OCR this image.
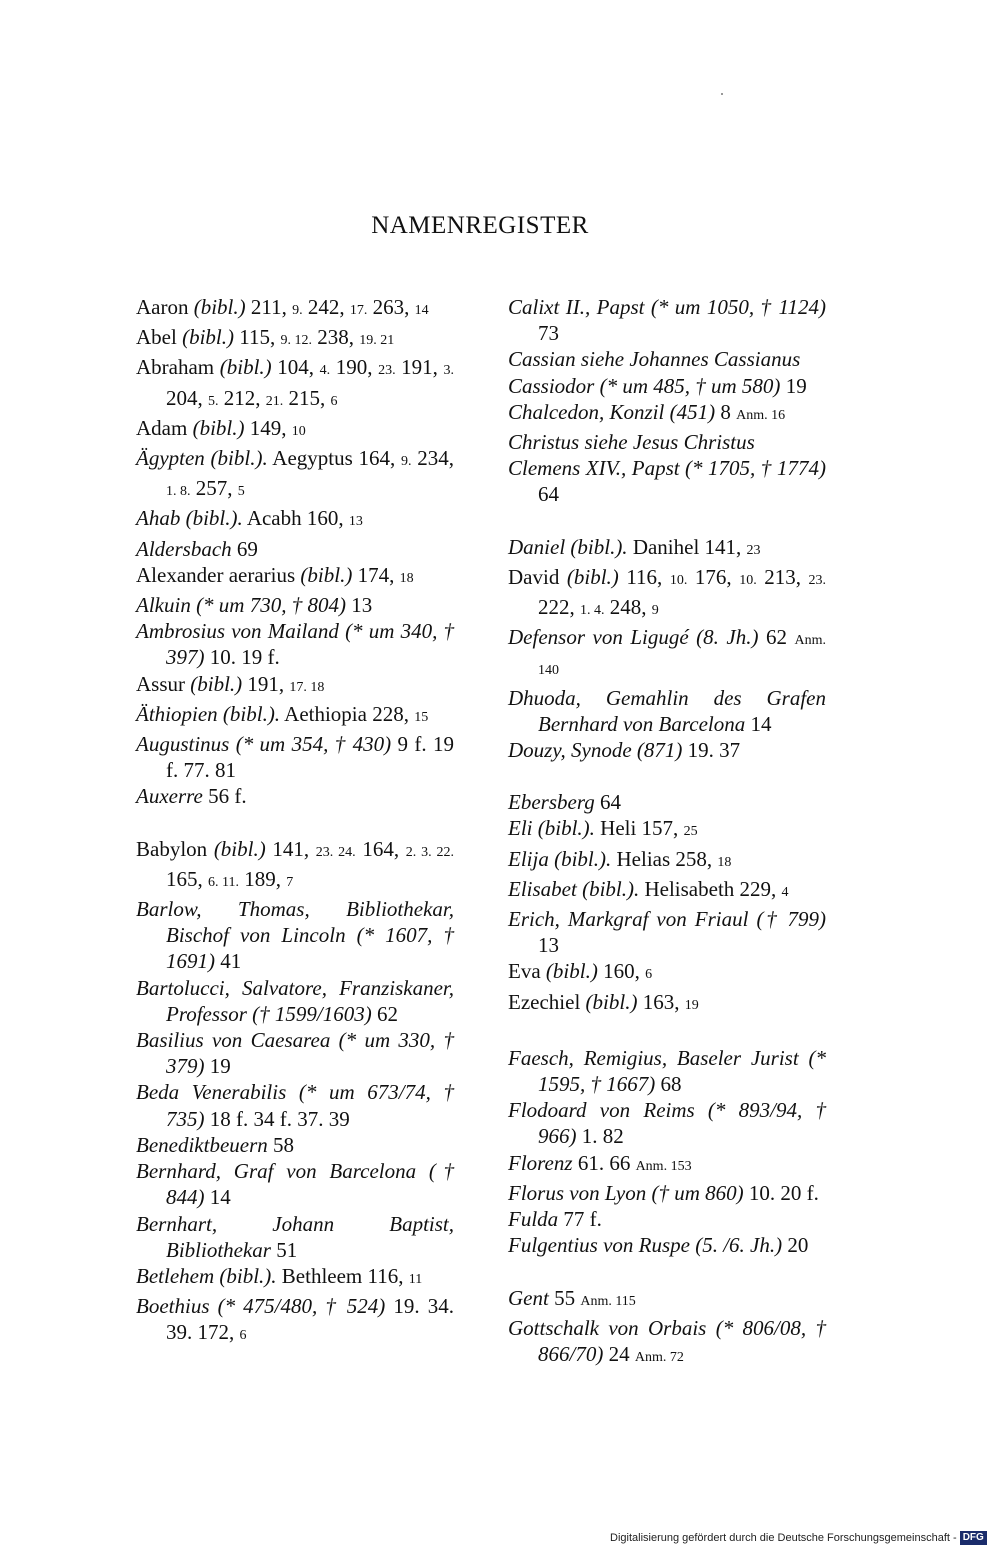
NAMENREGISTER
Aaron (bibl.) 211, 9. 242, 17. 263, 14
Abel (bibl.) 115, 9. 12. 238, 19. 21
Abraham (bibl.) 104, 4. 190, 23. 191, 3. 204, 5. 212, 21. 215, 6
Adam (bibl.) 149, 10
Ägypten (bibl.). Aegyptus 164, 9. 234, 1. 8. 257, 5
Ahab (bibl.). Acabh 160, 13
Aldersbach 69
Alexander aerarius (bibl.) 174, 18
Alkuin (* um 730, † 804) 13
Ambrosius von Mailand (* um 340, † 397) 10. 19 f.
Assur (bibl.) 191, 17. 18
Äthiopien (bibl.). Aethiopia 228, 15
Augustinus (* um 354, † 430) 9 f. 19 f. 77. 81
Auxerre 56 f.
Babylon (bibl.) 141, 23. 24. 164, 2. 3. 22. 165, 6. 11. 189, 7
Barlow, Thomas, Bibliothekar, Bischof von Lincoln (* 1607, † 1691) 41
Bartolucci, Salvatore, Franziskaner, Professor († 1599/1603) 62
Basilius von Caesarea (* um 330, † 379) 19
Beda Venerabilis (* um 673/74, † 735) 18 f. 34 f. 37. 39
Benediktbeuern 58
Bernhard, Graf von Barcelona († 844) 14
Bernhart, Johann Baptist, Bibliothekar 51
Betlehem (bibl.). Bethleem 116, 11
Boethius (* 475/480, † 524) 19. 34. 39. 172, 6
Calixt II., Papst (* um 1050, † 1124) 73
Cassian siehe Johannes Cassianus
Cassiodor (* um 485, † um 580) 19
Chalcedon, Konzil (451) 8 Anm. 16
Christus siehe Jesus Christus
Clemens XIV., Papst (* 1705, † 1774) 64
Daniel (bibl.). Danihel 141, 23
David (bibl.) 116, 10. 176, 10. 213, 23. 222, 1. 4. 248, 9
Defensor von Ligugé (8. Jh.) 62 Anm. 140
Dhuoda, Gemahlin des Grafen Bernhard von Barcelona 14
Douzy, Synode (871) 19. 37
Ebersberg 64
Eli (bibl.). Heli 157, 25
Elija (bibl.). Helias 258, 18
Elisabet (bibl.). Helisabeth 229, 4
Erich, Markgraf von Friaul († 799) 13
Eva (bibl.) 160, 6
Ezechiel (bibl.) 163, 19
Faesch, Remigius, Baseler Jurist (* 1595, † 1667) 68
Flodoard von Reims (* 893/94, † 966) 1. 82
Florenz 61. 66 Anm. 153
Florus von Lyon († um 860) 10. 20 f.
Fulda 77 f.
Fulgentius von Ruspe (5. /6. Jh.) 20
Gent 55 Anm. 115
Gottschalk von Orbais (* 806/08, † 866/70) 24 Anm. 72
Digitalisierung gefördert durch die Deutsche Forschungsgemeinschaft - DFG
